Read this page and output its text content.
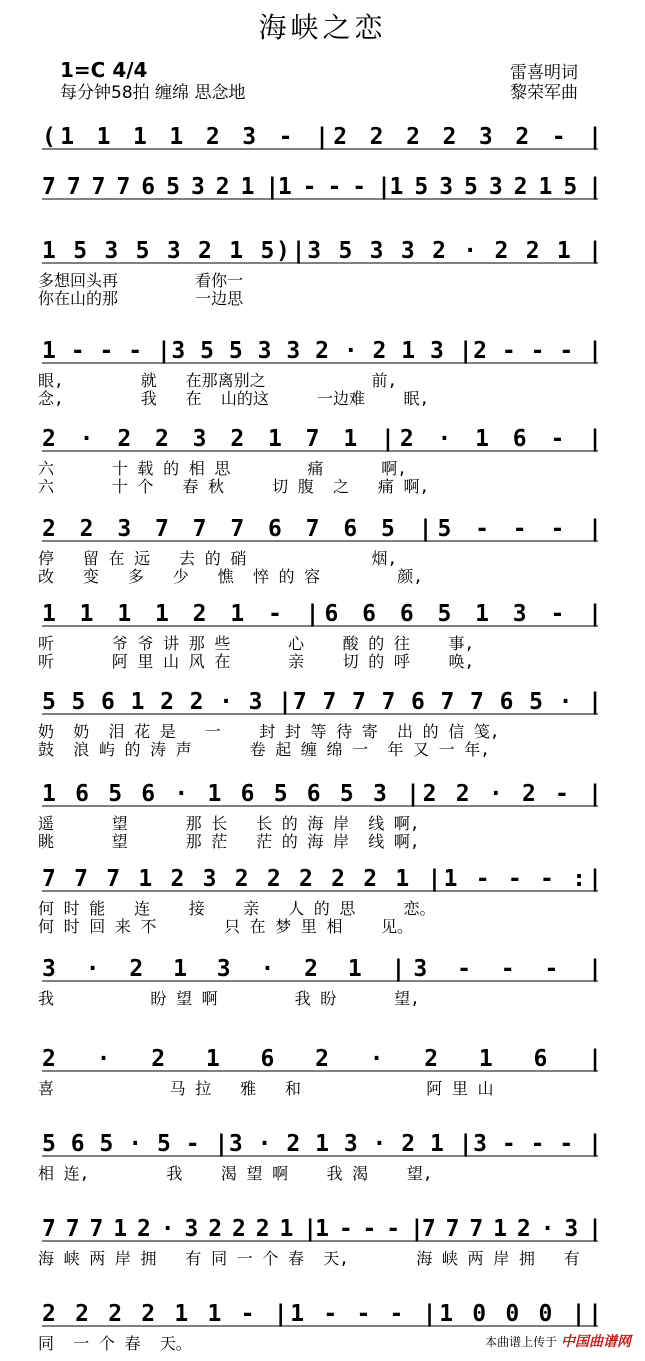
海峡之恋
1=C 4/4
每分钟58拍 缠绵 思念地
雷喜明词
黎荣军曲
(1 1 1 1 2 3 - |2 2 2 2 3 2 - |
7 7 7 7 6 5 3 2 1 |1 - - - |1 5 3 5 3 2 1 5 |
1 5 3 5 3 2 1 5)|3 5 3 3 2 · 2 2 1 |
多想回头再        看你一
你在山的那        一边思
1 - - - |3 5 5 3 3 2 · 2 1 3 |2 - - - |
眼,        就   在那离别之           前,
念,        我   在  山的这     一边难    眠,
2 · 2 2 3 2 1 7 1 |2 · 1 6 - |
六      十 载 的 相 思        痛      啊,
六      十 个   春 秋     切 腹  之   痛 啊,
2 2 3 7 7 7 6 7 6 5 |5 - - - |
停   留 在 远   去 的 硝             烟,
改   变   多   少   憔  悴 的 容        颜,
1 1 1 1 2 1 - |6 6 6 5 1 3 - |
听      爷 爷 讲 那 些      心    酸 的 往    事,
听      阿 里 山 风 在      亲    切 的 呼    唤,
5 5 6 1 2 2 · 3 |7 7 7 7 6 7 7 6 5 · |
奶  奶  泪 花 是   一    封 封 等 待 寄  出 的 信 笺,
鼓  浪 屿 的 涛 声      卷 起 缠 绵 一  年 又 一 年,
1 6 5 6 · 1 6 5 6 5 3 |2 2 · 2 - |
遥      望      那 长   长 的 海 岸  线 啊,
眺      望      那 茫   茫 的 海 岸  线 啊,
7 7 7 1 2 3 2 2 2 2 2 1 |1 - - - :|
何 时 能   连    接    亲   人 的 思     恋。
何 时 回 来 不       只 在 梦 里 相    见。
3 · 2 1 3 · 2 1 |3 - - - |
我          盼 望 啊        我 盼      望,
2 · 2 1 6 2 · 2 1 6 |
喜            马 拉   雅   和             阿 里 山
5 6 5 · 5 - |3 · 2 1 3 · 2 1 |3 - - - |
相 连,        我    渴 望 啊    我 渴    望,
7 7 7 1 2 · 3 2 2 2 1 |1 - - - |7 7 7 1 2 · 3 |
海 峡 两 岸 拥   有 同 一 个 春  天,       海 峡 两 岸 拥   有
2 2 2 2 1 1 - |1 - - - |1 0 0 0 ||
同  一 个 春  天。	本曲谱上传于 中国曲谱网
